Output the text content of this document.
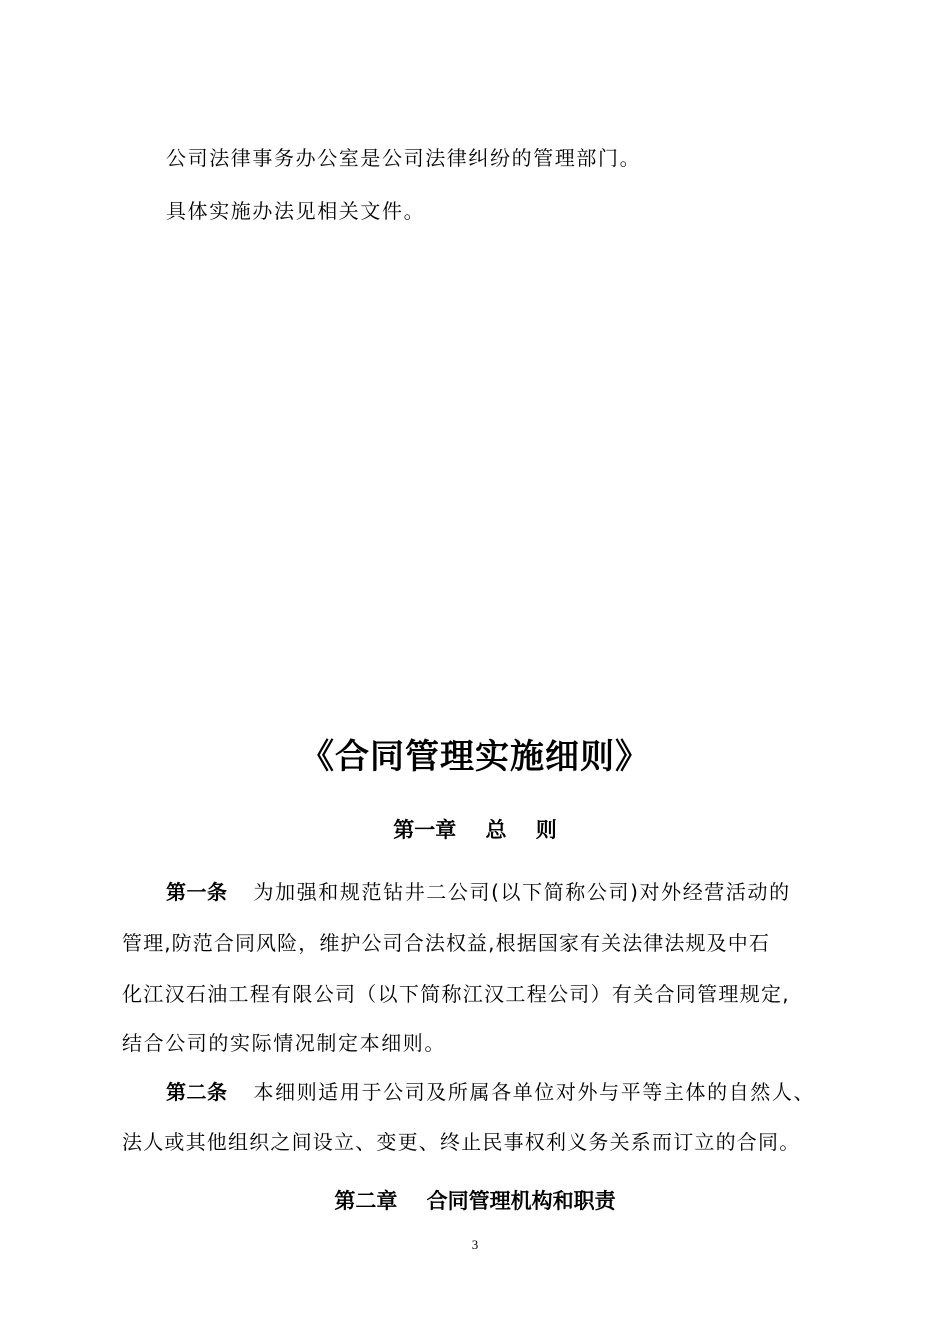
公司法律事务办公室是公司法律纠纷的管理部门。
具体实施办法见相关文件。
《合同管理实施细则》
第一章    总    则
第一条 为加强和规范钻井二公司(以下简称公司)对外经营活动的
管理,防范合同风险，维护公司合法权益,根据国家有关法律法规及中石
化江汉石油工程有限公司（以下简称江汉工程公司）有关合同管理规定,
结合公司的实际情况制定本细则。
第二条 本细则适用于公司及所属各单位对外与平等主体的自然人、
法人或其他组织之间设立、变更、终止民事权利义务关系而订立的合同。
第二章    合同管理机构和职责
3
